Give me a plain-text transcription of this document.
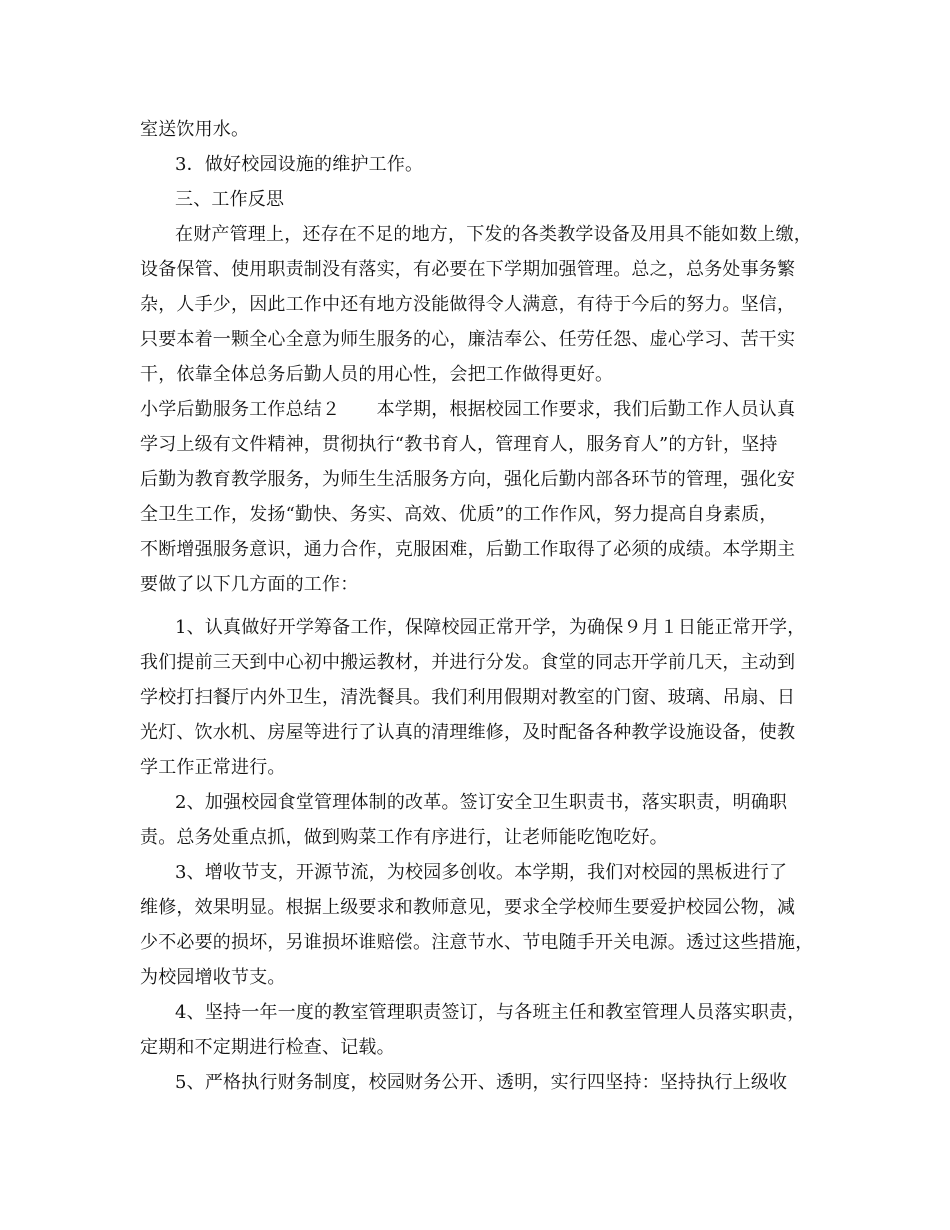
室送饮用水。
3．做好校园设施的维护工作。
三、工作反思
在财产管理上，还存在不足的地方，下发的各类教学设备及用具不能如数上缴，
设备保管、使用职责制没有落实，有必要在下学期加强管理。总之，总务处事务繁
杂，人手少，因此工作中还有地方没能做得令人满意，有待于今后的努力。坚信，
只要本着一颗全心全意为师生服务的心，廉洁奉公、任劳任怨、虚心学习、苦干实
干，依靠全体总务后勤人员的用心性，会把工作做得更好。
小学后勤服务工作总结２　　本学期，根据校园工作要求，我们后勤工作人员认真
学习上级有文件精神，贯彻执行“教书育人，管理育人，服务育人”的方针，坚持
后勤为教育教学服务，为师生生活服务方向，强化后勤内部各环节的管理，强化安
全卫生工作，发扬“勤快、务实、高效、优质”的工作作风，努力提高自身素质，
不断增强服务意识，通力合作，克服困难，后勤工作取得了必须的成绩。本学期主
要做了以下几方面的工作：
1、认真做好开学筹备工作，保障校园正常开学，为确保９月１日能正常开学，
我们提前三天到中心初中搬运教材，并进行分发。食堂的同志开学前几天，主动到
学校打扫餐厅内外卫生，清洗餐具。我们利用假期对教室的门窗、玻璃、吊扇、日
光灯、饮水机、房屋等进行了认真的清理维修，及时配备各种教学设施设备，使教
学工作正常进行。
2、加强校园食堂管理体制的改革。签订安全卫生职责书，落实职责，明确职
责。总务处重点抓，做到购菜工作有序进行，让老师能吃饱吃好。
3、增收节支，开源节流，为校园多创收。本学期，我们对校园的黑板进行了
维修，效果明显。根据上级要求和教师意见，要求全学校师生要爱护校园公物，减
少不必要的损坏，另谁损坏谁赔偿。注意节水、节电随手开关电源。透过这些措施，
为校园增收节支。
4、坚持一年一度的教室管理职责签订，与各班主任和教室管理人员落实职责，
定期和不定期进行检查、记载。
5、严格执行财务制度，校园财务公开、透明，实行四坚持：坚持执行上级收
